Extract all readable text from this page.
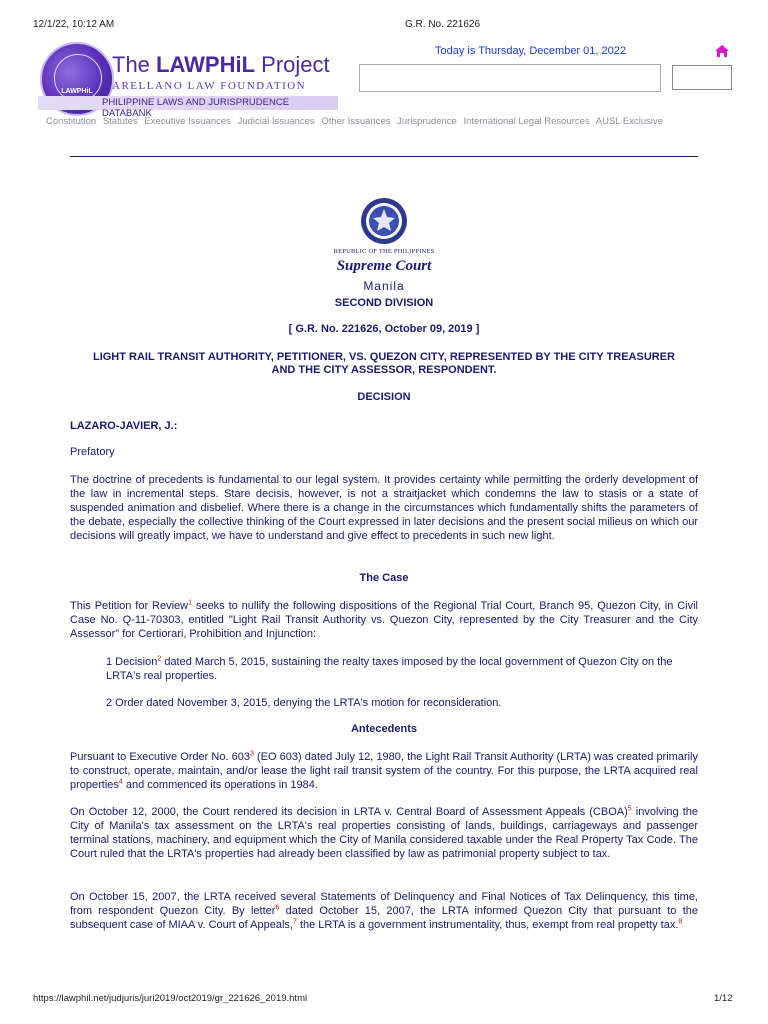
12/1/22, 10:12 AM	G.R. No. 221626
LAWPHiL
The LAWPHiL Project
ARELLANO LAW FOUNDATION
PHILIPPINE LAWS AND JURISPRUDENCE DATABANK
Today is Thursday, December 01, 2022
Constitution Statutes Executive Issuances Judicial Issuances Other Issuances Jurisprudence International Legal Resources AUSL Exclusive
REPUBLIC OF THE PHILIPPINES
Supreme Court
Manila
SECOND DIVISION
[ G.R. No. 221626, October 09, 2019 ]
LIGHT RAIL TRANSIT AUTHORITY, PETITIONER, VS. QUEZON CITY, REPRESENTED BY THE CITY TREASURER AND THE CITY ASSESSOR, RESPONDENT.
DECISION
LAZARO-JAVIER, J.:
Prefatory
The doctrine of precedents is fundamental to our legal system. It provides certainty while permitting the orderly development of the law in incremental steps. Stare decisis, however, is not a straitjacket which condemns the law to stasis or a state of suspended animation and disbelief. Where there is a change in the circumstances which fundamentally shifts the parameters of the debate, especially the collective thinking of the Court expressed in later decisions and the present social milieus on which our decisions will greatly impact, we have to understand and give effect to precedents in such new light.
The Case
This Petition for Review$^1$ seeks to nullify the following dispositions of the Regional Trial Court, Branch 95, Quezon City, in Civil Case No. Q-11-70303, entitled "Light Rail Transit Authority vs. Quezon City, represented by the City Treasurer and the City Assessor" for Certiorari, Prohibition and Injunction:
1 Decision$^2$ dated March 5, 2015, sustaining the realty taxes imposed by the local government of Quezon City on the LRTA's real properties.
2 Order dated November 3, 2015, denying the LRTA's motion for reconsideration.
Antecedents
Pursuant to Executive Order No. $603^3$ (EO 603) dated July 12, 1980, the Light Rail Transit Authority (LRTA) was created primarily to construct, operate, maintain, and/or lease the light rail transit system of the country. For this purpose, the LRTA acquired real properties$^4$ and commenced its operations in 1984.
On October 12, 2000, the Court rendered its decision in LRTA v. Central Board of Assessment Appeals (CBOA)$^5$ involving the City of Manila's tax assessment on the LRTA's real properties consisting of lands, buildings, carriageways and passenger terminal stations, machinery, and equipment which the City of Manila considered taxable under the Real Property Tax Code. The Court ruled that the LRTA's properties had already been classified by law as patrimonial property subject to tax.
On October 15, 2007, the LRTA received several Statements of Delinquency and Final Notices of Tax Delinquency, this time, from respondent Quezon City. By letter$^6$ dated October 15, 2007, the LRTA informed Quezon City that pursuant to the subsequent case of MIAA v. Court of Appeals,$^7$ the LRTA is a government instrumentality, thus, exempt from real propetty tax.$^8$
https://lawphil.net/judjuris/juri2019/oct2019/gr_221626_2019.html	1/12
